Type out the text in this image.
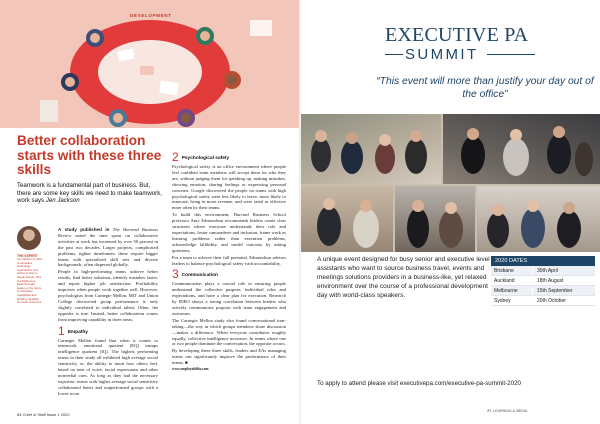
DEVELOPMENT
Better collaboration starts with these three skills
Teamwork is a fundamental part of business. But, there are some key skills we need to make teamwork, work says Jen Jackson
THE EXPERT
Jen Jackson is CEO of education technology organisation and author of How to Speak Human. She is a Melbourne-based thought leader on the future of workplace capabilities and building capability for better outcomes.

A study published in The Harvard Business Review noted the time spent on collaborative activities at work has increased by over 50 percent in the past two decades. Larger projects, complicated problems, tighter timeframes; these require bigger teams with specialised skill sets and diverse backgrounds, often dispersed globally.

People in high-performing teams achieve better results, find better solutions, identify mistakes faster, and report higher job satisfaction. Profitability improves when people work together well. However, psychologists from Carnegie Mellon, MIT and Union College discovered group performance is only slightly correlated to individual talent. Often, the opposite is true. Instead, better collaboration comes from improving capability in three areas.

1 Empathy

Carnegie Mellon found that when it comes to teamwork, emotional quotient (EQ) trumps intelligence quotient (IQ). The highest performing teams in their study all exhibited high average social sensitivity, or, the ability to intuit how others feel, based on tone of voice, facial expressions and other nonverbal cues. As long as they had the necessary expertise, teams with higher average social sensitivity collaborated better and outperformed groups with a lower score.

2 Psychological safety

Psychological safety is an office environment where people feel confident team members will accept them for who they are, without judging them for speaking up, making mistakes, showing emotion, sharing feelings or expressing personal concerns. Google discovered the people on teams with high psychological safety were less likely to leave, more likely to innovate, bring in more revenue, and were rated as effective more often by their teams.

To build this environment, Harvard Business School professor Amy Edmondson recommends leaders create clear structures where everyone understands their role and expectations, foster camaraderie and inclusion, frame work as learning problems rather than execution problems, acknowledge fallibility, and model curiosity by asking questions.

For a team to achieve their full potential, Edmondson advises leaders to balance psychological safety with accountability.

3 Communication

Communication plays a crucial role in ensuring people understand the collective purpose, individual roles and expectations, and have a clear plan for execution. Research by IDEO shows a strong correlation between leaders who actively communicate purpose with team engagement and outcomes.

The Carnegie Mellon study also found conversational turn-taking—the way in which groups members share discussion—makes a difference. When everyone contributes roughly equally, collective intelligence increases. In teams where one or two people dominate the conversation, the opposite occurs.

By developing these three skills, leaders and EAs managing teams can significantly improve the performance of their teams. ■

www.employability.com

64 Chief of Staff Issue 1 2020
EXECUTIVE PA
SUMMIT
“This event will more than justify your day out of the office”
A unique event designed for busy senior and executive level assistants who want to source business travel, events and meetings solutions providers in a business-like, yet relaxed environment over the course of a professional development day with world-class speakers.
2020 DATES
Brisbane	30th April
Auckland	18th August
Melbourne	15th September
Sydney	20th October
To apply to attend please visit executivepa.com/executive-pa-summit-2020
IPL LEARNING & MEDIA
